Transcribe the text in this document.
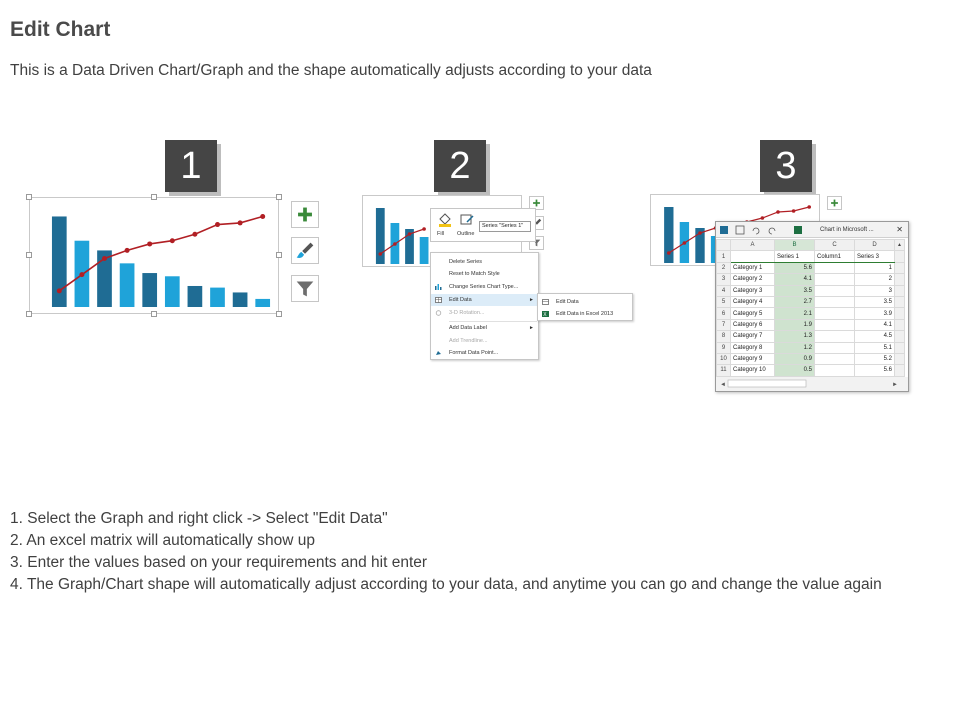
Edit Chart
This is a Data Driven Chart/Graph and the shape automatically adjusts according to your data
1	2	3
Fill Outline
Series "Series 1"
Delete Series
Reset to Match Style
Change Series Chart Type...
Edit Data	►
3-D Rotation...
Add Data Label	►
Add Trendline...
Format Data Point...
Edit Data
X Edit Data in Excel 2013
Chart in Microsoft ...	✕
	A	B	C	D	▲
1		Series 1	Column1	Series 3	
2	Category 1	5.6		1	
3	Category 2	4.1		2	
4	Category 3	3.5		3	
5	Category 4	2.7		3.5	
6	Category 5	2.1		3.9	
7	Category 6	1.9		4.1	
8	Category 7	1.3		4.5	
9	Category 8	1.2		5.1	
10	Category 9	0.9		5.2	
11	Category 10	0.5		5.6	
◄	►
1. Select the Graph and right click -> Select "Edit Data"
2. An excel matrix will automatically show up
3. Enter the values based on your requirements and hit enter
4. The Graph/Chart shape will automatically adjust according to your data, and anytime you can go and change the value again
